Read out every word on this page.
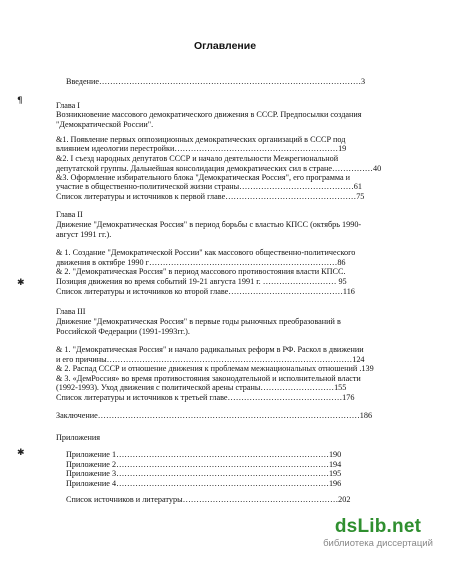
Оглавление
Введение……………………………………………………………………………………3
Глава I
Возникновение массового демократического движения в СССР. Предпосылки создания
"Демократической России".
&1. Появление первых оппозиционных демократических организаций в СССР под
влиянием идеологии перестройки……………………………………………………19
&2. I съезд народных депутатов СССР и начало деятельности Межрегиональной
депутатской группы. Дальнейшая консолидация демократических сил в стране……………40
&3. Оформление избирательного блока "Демократическая Россия", его программа и
участие в общественно-политической жизни страны……………………………………61
Список литературы и источников к первой главе…………………………………………75
Глава II
Движение "Демократическая Россия" в период борьбы с властью КПСС (октябрь 1990-
август 1991 гг.).
& 1. Создание "Демократической России" как массового общественно-политического
движения в октябре 1990 г……………………………………………………………86
& 2. "Демократическая Россия" в период массового противостояния власти КПСС.
Позиция движения во время событий 19-21 августа 1991 г. ……………………… 95
Список литературы и источников ко второй главе……………………………………116
Глава III
Движение "Демократическая Россия" в первые годы рыночных преобразований в
Российской Федерации (1991-1993гг.).
& 1. "Демократическая Россия" и начало радикальных реформ в РФ. Раскол в движении
и его причины………………………………………………………………………………124
& 2. Распад СССР и отношение движения к проблемам межнациональных отношений .139
& 3. «ДемРоссия» во время противостояния законодательной и исполнительной власти
(1992-1993). Уход движения с политической арены страны………………………155
Список литературы и источников к третьей главе……………………………………176
Заключение……………………………………………………………………………………186
Приложения
Приложение 1……………………………………………………………………190
Приложение 2……………………………………………………………………194
Приложение 3……………………………………………………………………195
Приложение 4……………………………………………………………………196
Список источников и литературы…………………………………………………202
¶
✱
✱
dsLib.net
библиотека диссертаций
